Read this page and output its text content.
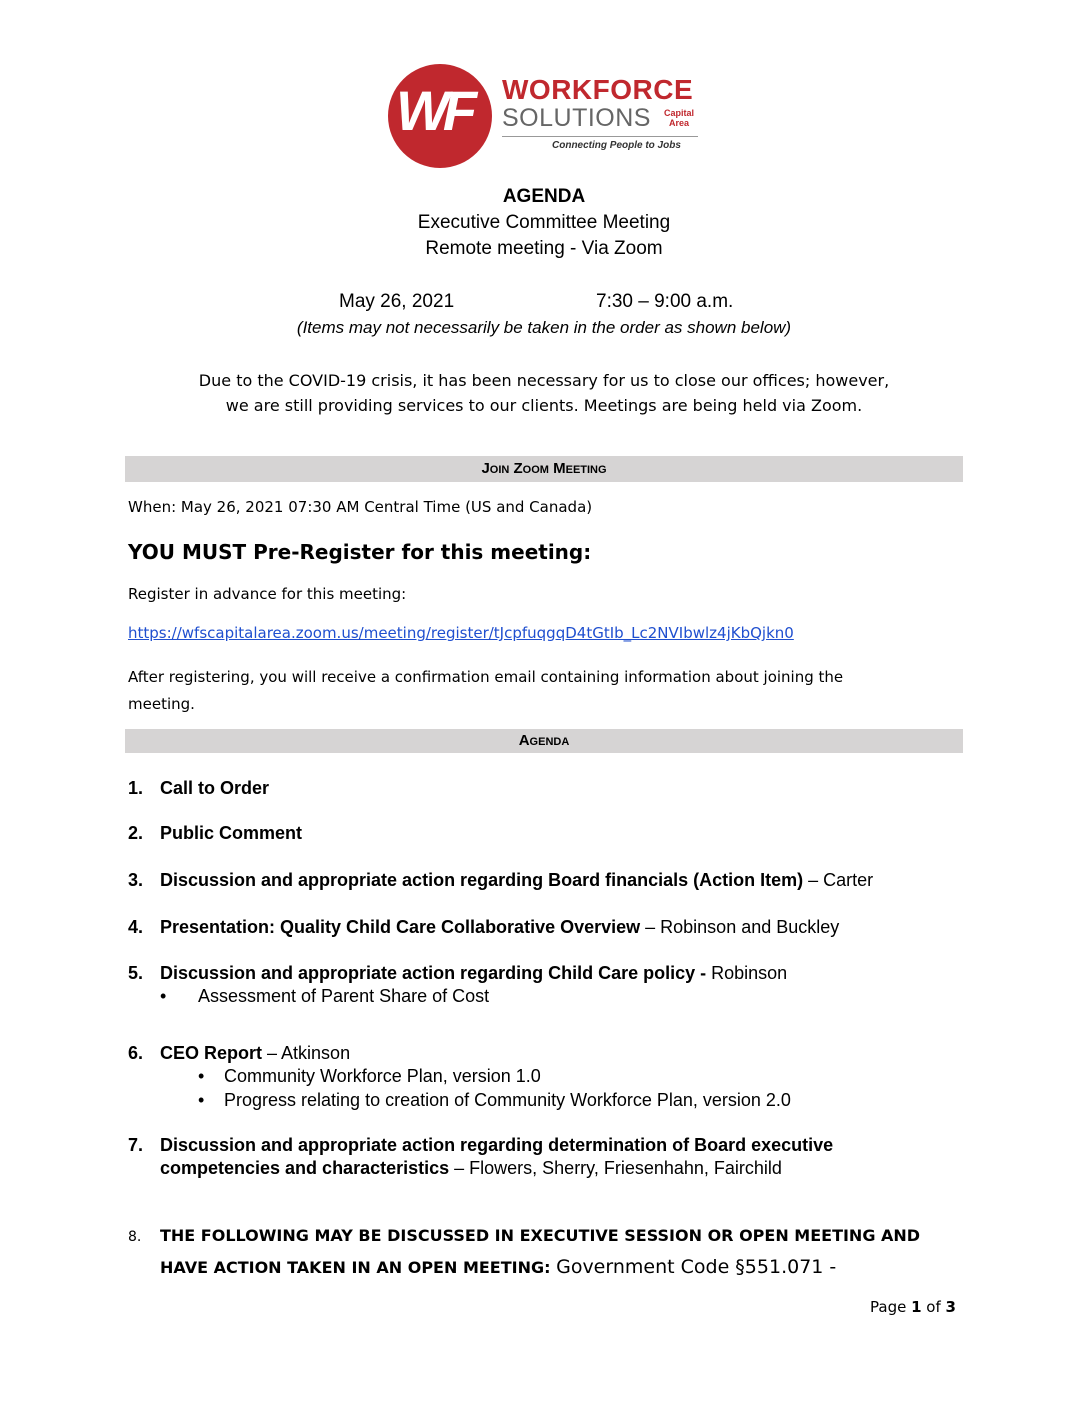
WF WORKFORCE
SOLUTIONS Capital
Area
Connecting People to Jobs
AGENDA
Executive Committee Meeting
Remote meeting - Via Zoom
May 26, 2021	7:30 – 9:00 a.m.
(Items may not necessarily be taken in the order as shown below)
Due to the COVID-19 crisis, it has been necessary for us to close our offices; however,
we are still providing services to our clients. Meetings are being held via Zoom.
Join Zoom Meeting
When: May 26, 2021 07:30 AM Central Time (US and Canada)
YOU MUST Pre-Register for this meeting:
Register in advance for this meeting:
https://wfscapitalarea.zoom.us/meeting/register/tJcpfuqgqD4tGtIb_Lc2NVIbwlz4jKbQjkn0
After registering, you will receive a confirmation email containing information about joining the
meeting.
Agenda
1. Call to Order
2. Public Comment
3. Discussion and appropriate action regarding Board financials (Action Item) – Carter
4. Presentation: Quality Child Care Collaborative Overview – Robinson and Buckley
5. Discussion and appropriate action regarding Child Care policy - Robinson
• Assessment of Parent Share of Cost
6. CEO Report – Atkinson
• Community Workforce Plan, version 1.0
• Progress relating to creation of Community Workforce Plan, version 2.0
7. Discussion and appropriate action regarding determination of Board executive
competencies and characteristics – Flowers, Sherry, Friesenhahn, Fairchild
8. THE FOLLOWING MAY BE DISCUSSED IN EXECUTIVE SESSION OR OPEN MEETING AND
HAVE ACTION TAKEN IN AN OPEN MEETING: Government Code §551.071 -
Page 1 of 3
